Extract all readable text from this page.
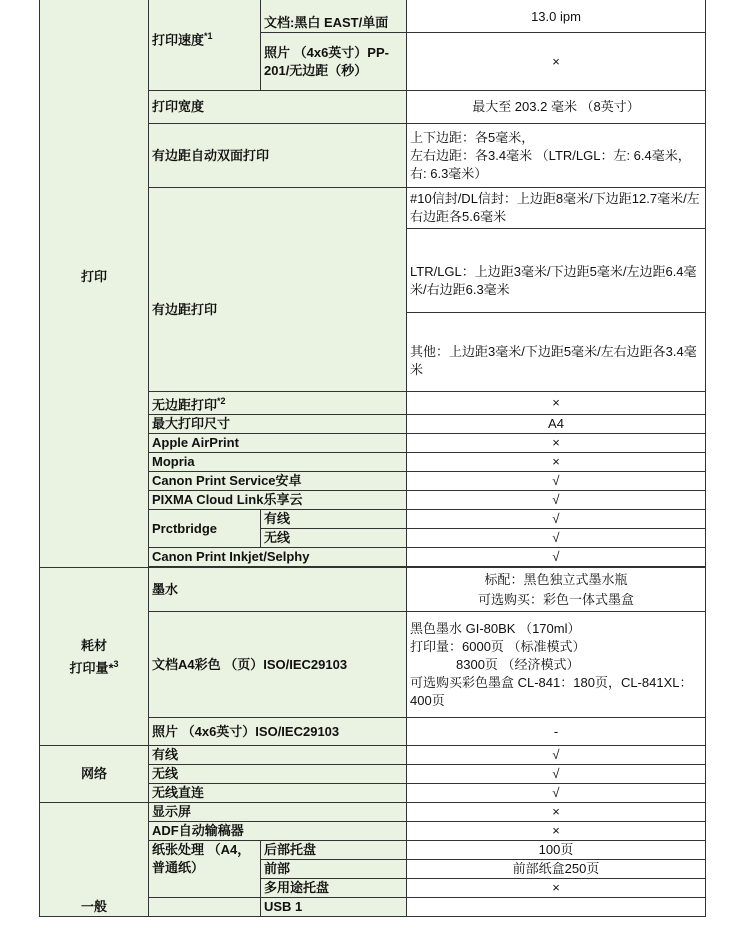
打印	打印速度$^{*1}$	文档:黑白 EAST/单面	13.0 ipm
		照片 （4x6英寸）PP-201/无边距（秒）	×
	打印宽度		最大至 203.2 毫米 （8英寸）
	有边距自动双面打印		上下边距：各5毫米，
左右边距：各3.4毫米 （LTR/LGL：左: 6.4毫米，右: 6.3毫米）

	有边距打印		#10信封/DL信封：上边距8毫米/下边距12.7毫米/左右边距各5.6毫米
			LTR/LGL：上边距3毫米/下边距5毫米/左边距6.4毫米/右边距6.3毫米
			其他：上边距3毫米/下边距5毫米/左右边距各3.4毫米
	无边距打印$^{*2}$		×
	最大打印尺寸		A4
	Apple AirPrint		×
	Mopria		×
	Canon Print Service安卓		√
	PIXMA Cloud Link乐享云		√
	Prctbridge	有线	√
		无线	√
	Canon Print Inkjet/Selphy		√

耗材
打印量*$^3$	墨水		标配：黑色独立式墨水瓶
可选购买：彩色一体式墨盒

	文档A4彩色 （页）ISO/IEC29103		黑色墨水 GI-80BK （170ml）
打印量：6000页 （标准模式）
8300页 （经济模式）
可选购买彩色墨盒 CL-841：180页，CL-841XL：400页

	照片 （4x6英寸）ISO/IEC29103		-
网络	有线		√
	无线		√
	无线直连		√
一般	显示屏		×
	ADF自动输稿器		×
	纸张处理 （A4，普通纸）	后部托盘	100页
		前部	前部纸盒250页
		多用途托盘	×
		USB 1	
